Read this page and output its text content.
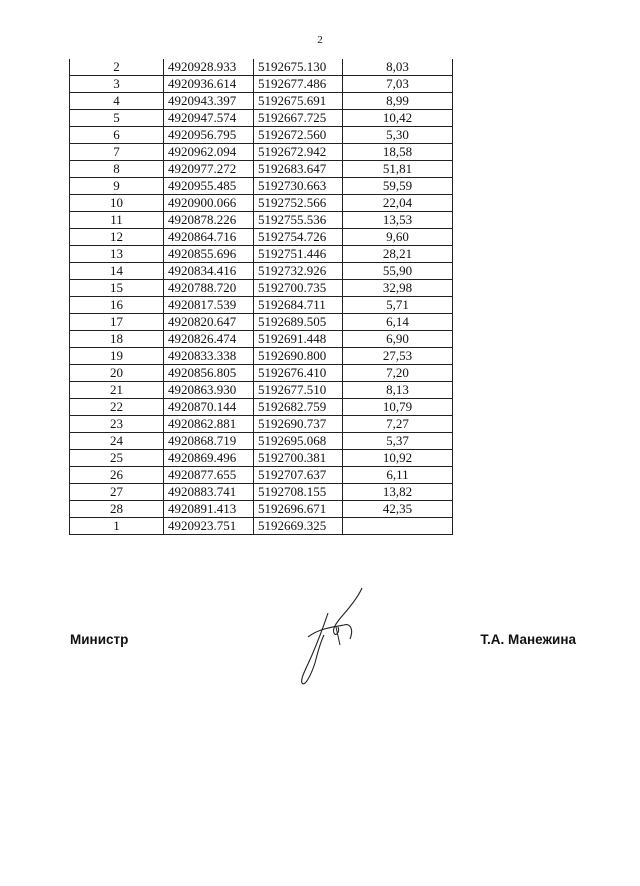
2
2	4920928.933	5192675.130	8,03
3	4920936.614	5192677.486	7,03
4	4920943.397	5192675.691	8,99
5	4920947.574	5192667.725	10,42
6	4920956.795	5192672.560	5,30
7	4920962.094	5192672.942	18,58
8	4920977.272	5192683.647	51,81
9	4920955.485	5192730.663	59,59
10	4920900.066	5192752.566	22,04
11	4920878.226	5192755.536	13,53
12	4920864.716	5192754.726	9,60
13	4920855.696	5192751.446	28,21
14	4920834.416	5192732.926	55,90
15	4920788.720	5192700.735	32,98
16	4920817.539	5192684.711	5,71
17	4920820.647	5192689.505	6,14
18	4920826.474	5192691.448	6,90
19	4920833.338	5192690.800	27,53
20	4920856.805	5192676.410	7,20
21	4920863.930	5192677.510	8,13
22	4920870.144	5192682.759	10,79
23	4920862.881	5192690.737	7,27
24	4920868.719	5192695.068	5,37
25	4920869.496	5192700.381	10,92
26	4920877.655	5192707.637	6,11
27	4920883.741	5192708.155	13,82
28	4920891.413	5192696.671	42,35
1	4920923.751	5192669.325	
Министр	Т.А. Манежина
